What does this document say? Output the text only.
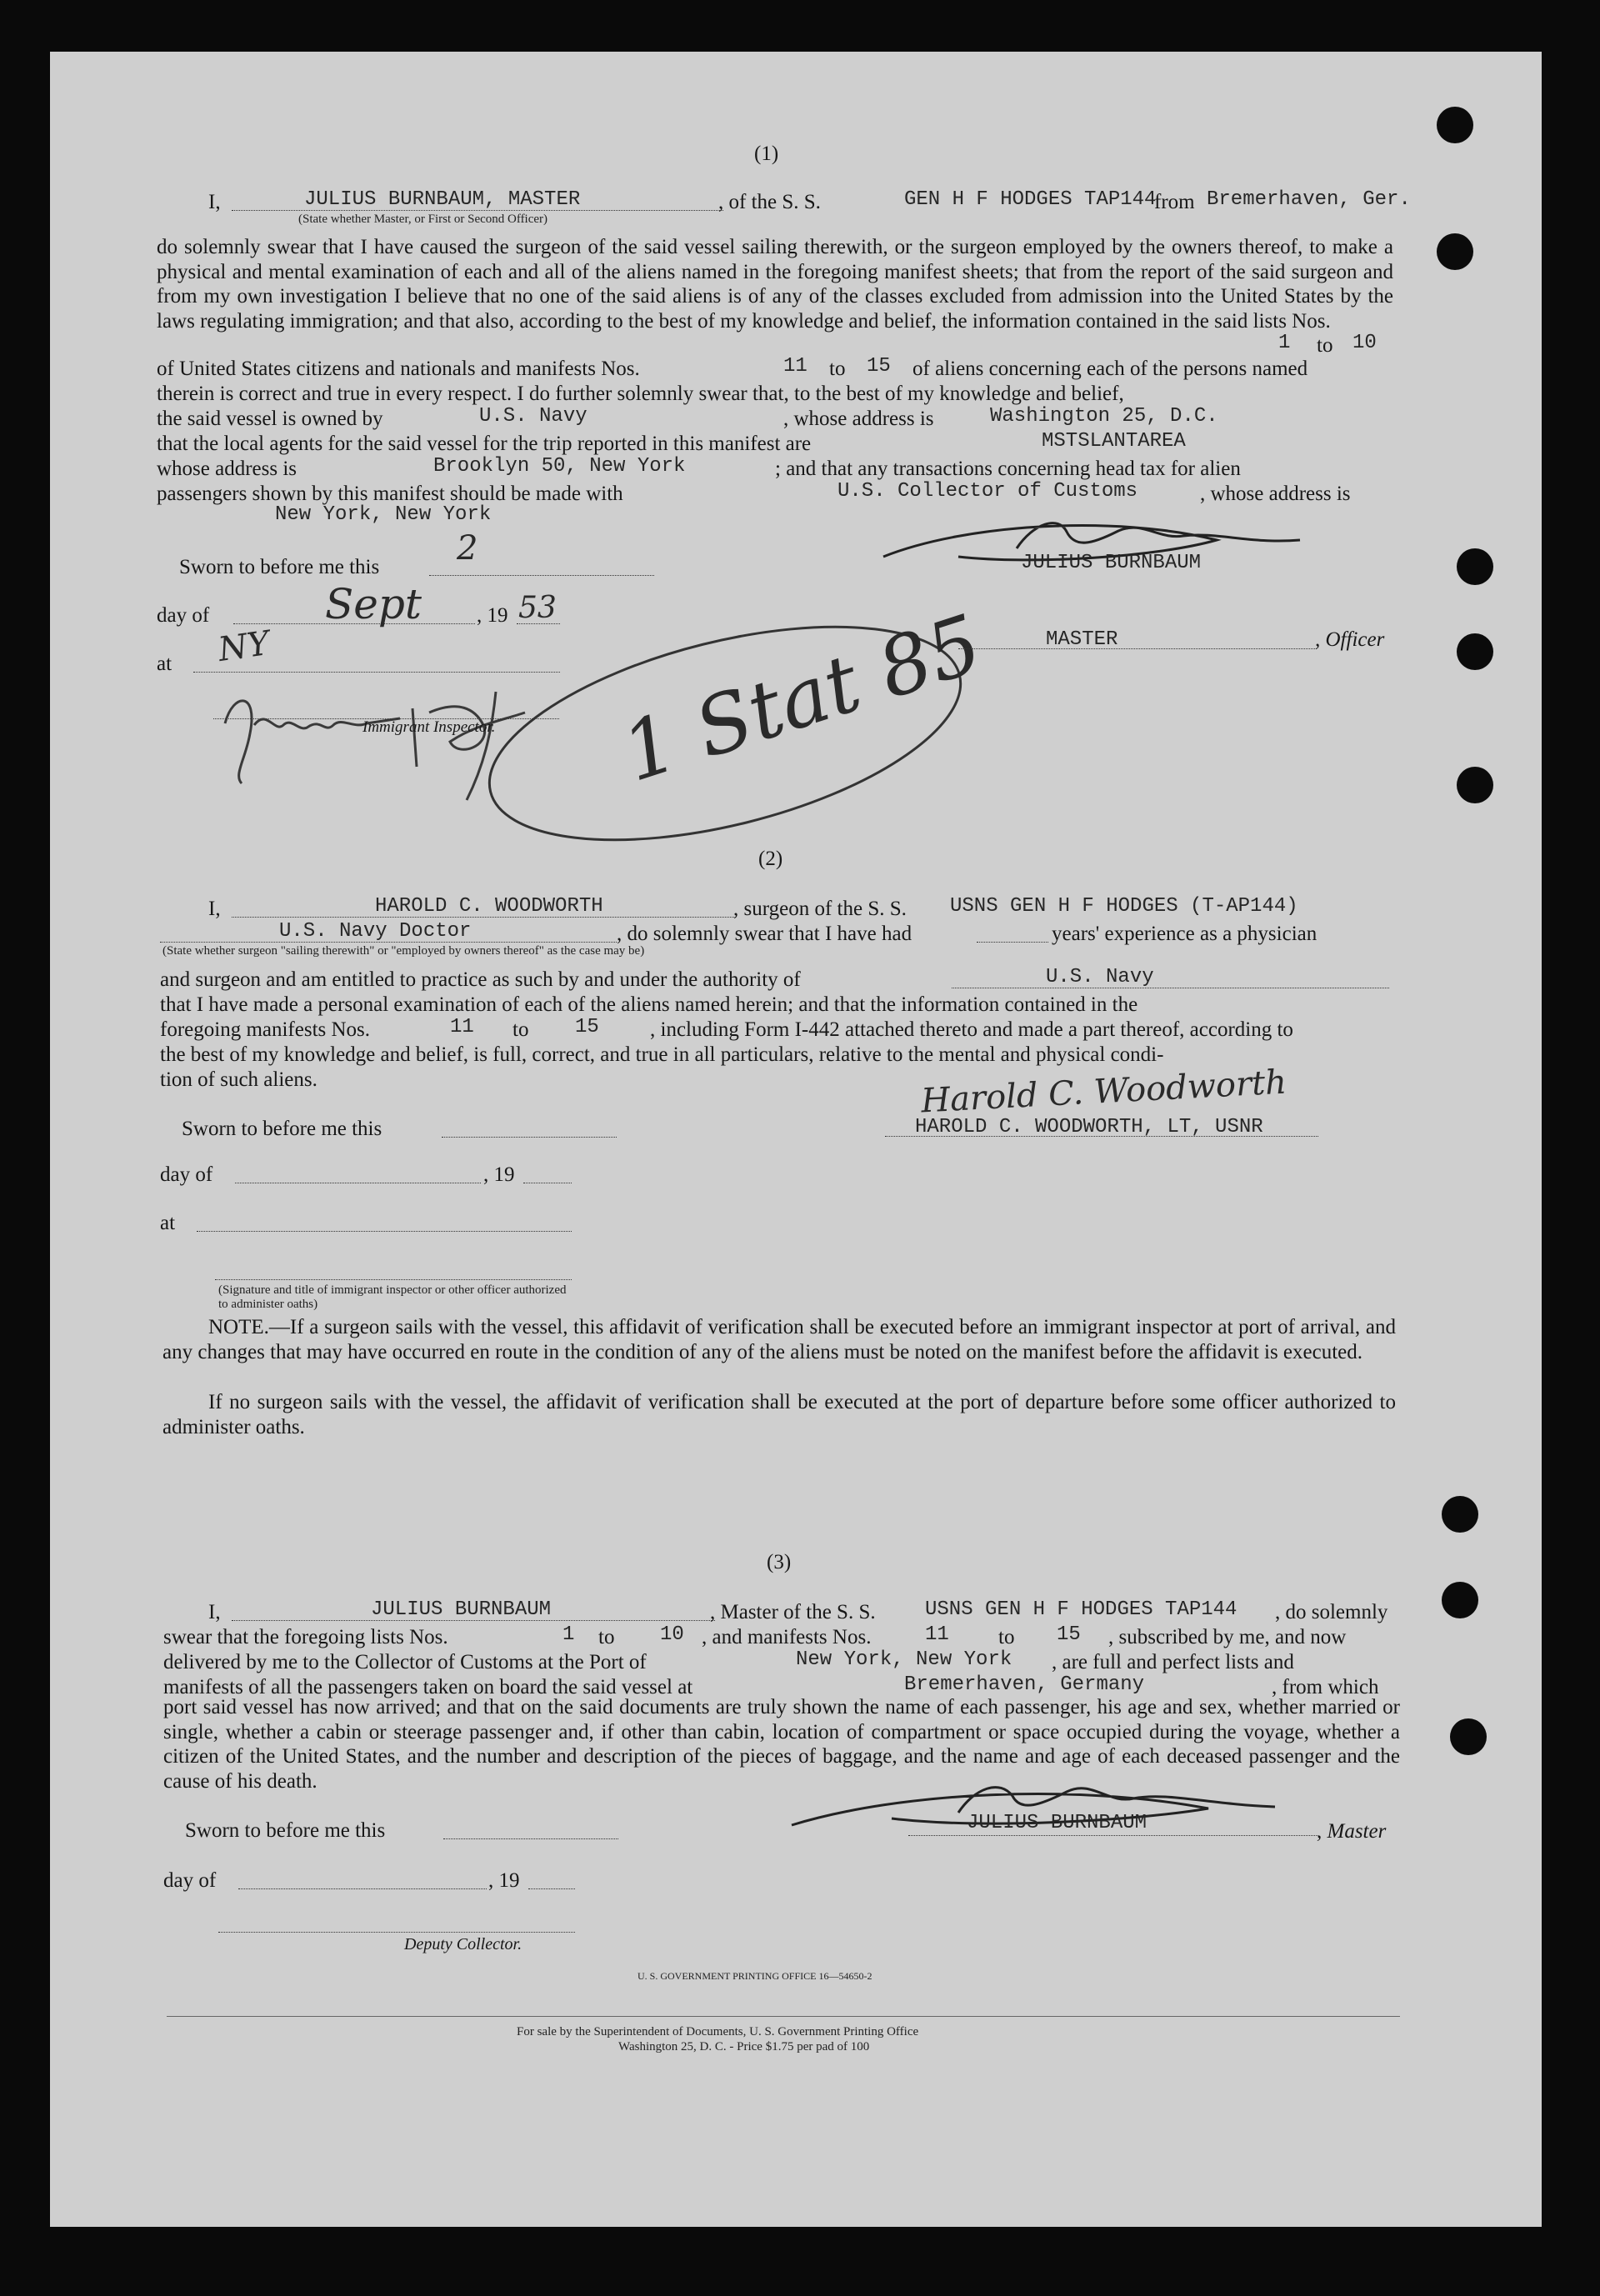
(1)
I,	JULIUS BURNBAUM, MASTER
(State whether Master, or First or Second Officer)
, of the S. S.	GEN H F HODGES TAP144
from Bremerhaven, Ger.
do solemnly swear that I have caused the surgeon of the said vessel sailing therewith, or the surgeon employed by the owners thereof, to make a physical and mental examination of each and all of the aliens named in the foregoing manifest sheets; that from the report of the said surgeon and from my own investigation I believe that no one of the said aliens is of any of the classes excluded from admission into the United States by the laws regulating immigration; and that also, according to the best of my knowledge and belief, the information contained in the said lists Nos.
1 to 10
of United States citizens and nationals and manifests Nos.	11 to 15 of aliens concerning each of the persons named
therein is correct and true in every respect. I do further solemnly swear that, to the best of my knowledge and belief,
the said vessel is owned by	U.S. Navy	, whose address is	Washington 25, D.C.
that the local agents for the said vessel for the trip reported in this manifest are	MSTSLANTAREA
whose address is	Brooklyn 50, New York	; and that any transactions concerning head tax for alien
passengers shown by this manifest should be made with	U.S. Collector of Customs	, whose address is
New York, New York
Sworn to before me this 2
day of	Sept	, 19 53
at NY
Immigrant Inspector. 1 Stat 85
JULIUS BURNBAUM
MASTER	, Officer
(2)
I,	HAROLD C. WOODWORTH	, surgeon of the S. S. USNS GEN H F HODGES (T-AP144)
U.S. Navy Doctor	, do solemnly swear that I have had	years' experience as a physician
(State whether surgeon "sailing therewith" or "employed by owners thereof" as the case may be)
and surgeon and am entitled to practice as such by and under the authority of	U.S. Navy
that I have made a personal examination of each of the aliens named herein; and that the information contained in the
foregoing manifests Nos.	11 to 15 , including Form I-442 attached thereto and made a part thereof, according to
the best of my knowledge and belief, is full, correct, and true in all particulars, relative to the mental and physical condi-
tion of such aliens.	Harold C. Woodworth
HAROLD C. WOODWORTH, LT, USNR
Sworn to before me this
day of	, 19
at
(Signature and title of immigrant inspector or other officer authorized to administer oaths)
NOTE.—If a surgeon sails with the vessel, this affidavit of verification shall be executed before an immigrant inspector at port of arrival, and any changes that may have occurred en route in the condition of any of the aliens must be noted on the manifest before the affidavit is executed.
If no surgeon sails with the vessel, the affidavit of verification shall be executed at the port of departure before some officer authorized to administer oaths.
(3)
I,	JULIUS BURNBAUM	, Master of the S. S. USNS GEN H F HODGES TAP144 , do solemnly
swear that the foregoing lists Nos.	1 to 10 , and manifests Nos.	11 to 15 , subscribed by me, and now
delivered by me to the Collector of Customs at the Port of	New York, New York , are full and perfect lists and
manifests of all the passengers taken on board the said vessel at	Bremerhaven, Germany	, from which
port said vessel has now arrived; and that on the said documents are truly shown the name of each passenger, his age and sex, whether married or single, whether a cabin or steerage passenger and, if other than cabin, location of compartment or space occupied during the voyage, whether a citizen of the United States, and the number and description of the pieces of baggage, and the name and age of each deceased passenger and the cause of his death.
JULIUS BURNBAUM	, Master
Sworn to before me this
day of	, 19
Deputy Collector.
U. S. GOVERNMENT PRINTING OFFICE 16—54650-2
For sale by the Superintendent of Documents, U. S. Government Printing Office
Washington 25, D. C. - Price $1.75 per pad of 100
